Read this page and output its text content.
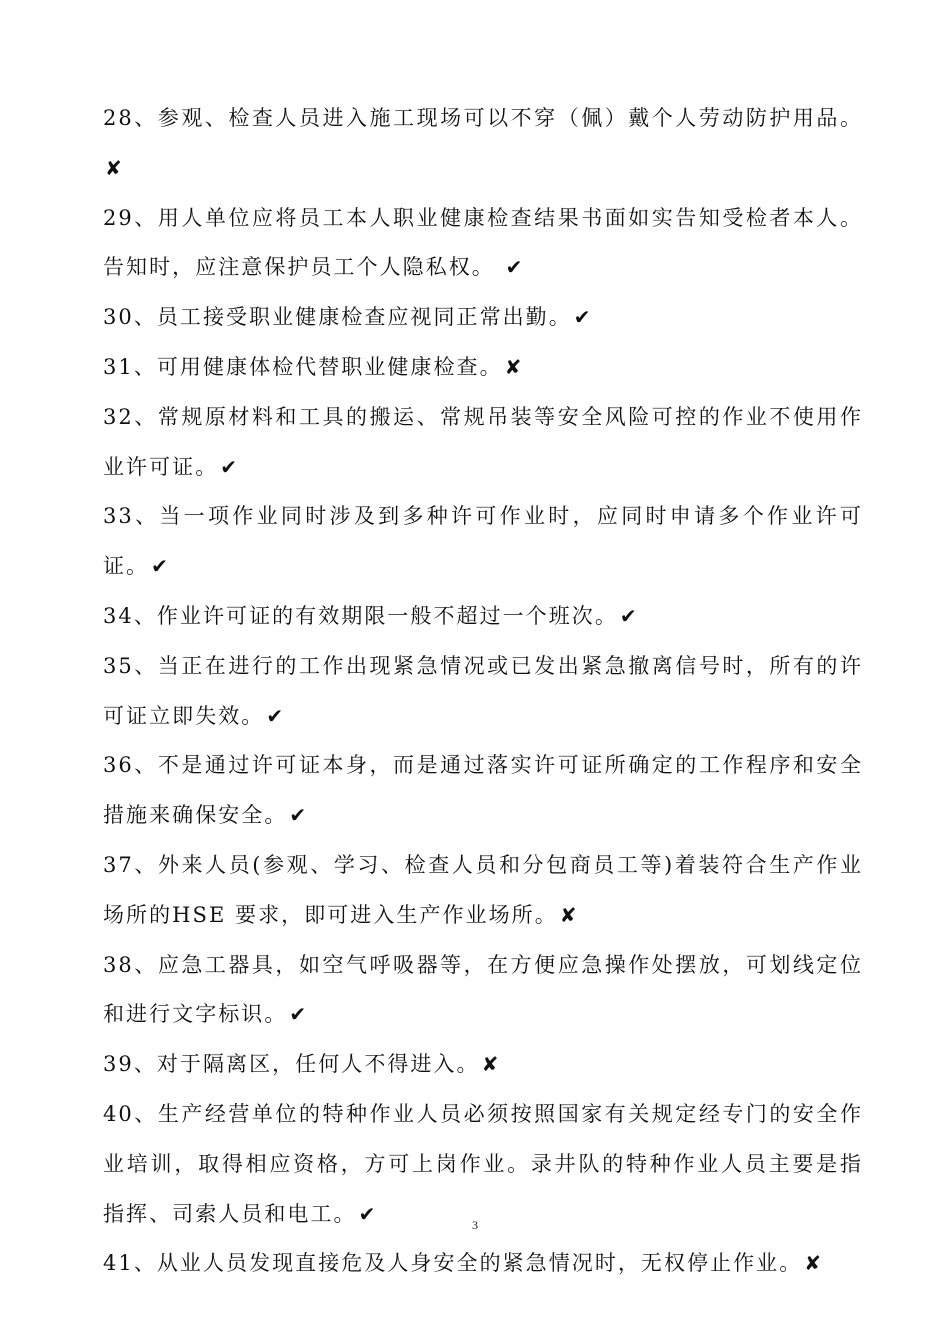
28、参观、检查人员进入施工现场可以不穿（佩）戴个人劳动防护用品。✘

29、用人单位应将员工本人职业健康检查结果书面如实告知受检者本人。告知时，应注意保护员工个人隐私权。 ✔

30、员工接受职业健康检查应视同正常出勤。 ✔

31、可用健康体检代替职业健康检查。 ✘

32、常规原材料和工具的搬运、常规吊装等安全风险可控的作业不使用作业许可证。 ✔

33、当一项作业同时涉及到多种许可作业时，应同时申请多个作业许可证。 ✔

34、作业许可证的有效期限一般不超过一个班次。 ✔

35、当正在进行的工作出现紧急情况或已发出紧急撤离信号时，所有的许可证立即失效。 ✔

36、不是通过许可证本身，而是通过落实许可证所确定的工作程序和安全措施来确保安全。 ✔

37、外来人员(参观、学习、检查人员和分包商员工等)着装符合生产作业场所的HSE 要求，即可进入生产作业场所。 ✘

38、应急工器具，如空气呼吸器等，在方便应急操作处摆放，可划线定位和进行文字标识。 ✔

39、对于隔离区，任何人不得进入。 ✘

40、生产经营单位的特种作业人员必须按照国家有关规定经专门的安全作业培训，取得相应资格，方可上岗作业。录井队的特种作业人员主要是指指挥、司索人员和电工。 ✔

41、从业人员发现直接危及人身安全的紧急情况时，无权停止作业。 ✘

3
